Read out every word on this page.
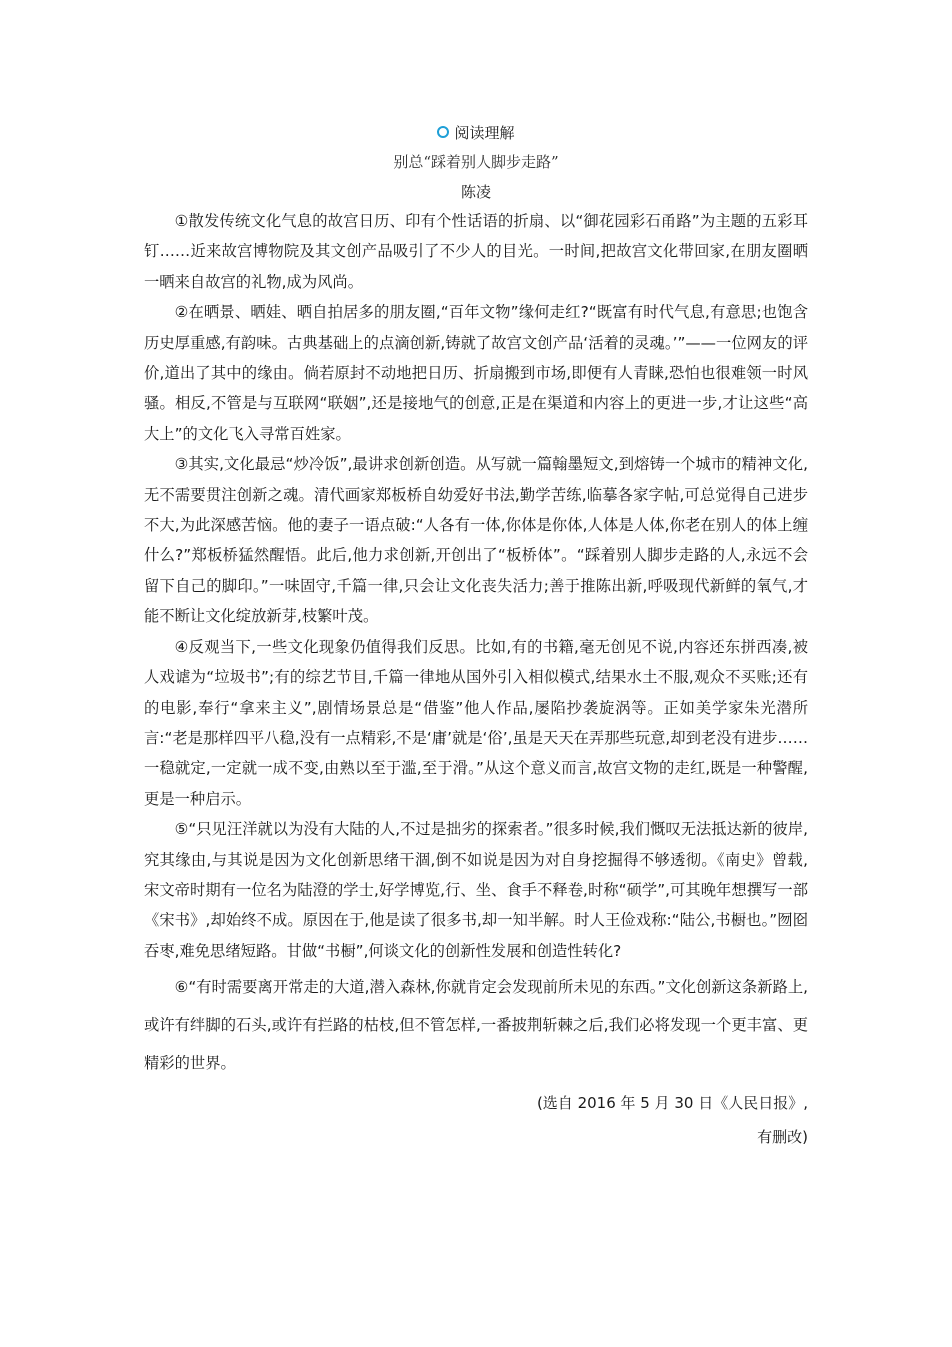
阅读理解
别总“踩着别人脚步走路”
陈凌

①散发传统文化气息的故宫日历、印有个性话语的折扇、以“御花园彩石甬路”为主题的五彩耳钉……近来故宫博物院及其文创产品吸引了不少人的目光。一时间,把故宫文化带回家,在朋友圈晒一晒来自故宫的礼物,成为风尚。

②在晒景、晒娃、晒自拍居多的朋友圈,“百年文物”缘何走红?“既富有时代气息,有意思;也饱含历史厚重感,有韵味。古典基础上的点滴创新,铸就了故宫文创产品‘活着的灵魂。’”——一位网友的评价,道出了其中的缘由。倘若原封不动地把日历、折扇搬到市场,即便有人青睐,恐怕也很难领一时风骚。相反,不管是与互联网“联姻”,还是接地气的创意,正是在渠道和内容上的更进一步,才让这些“高大上”的文化飞入寻常百姓家。

③其实,文化最忌“炒冷饭”,最讲求创新创造。从写就一篇翰墨短文,到熔铸一个城市的精神文化,无不需要贯注创新之魂。清代画家郑板桥自幼爱好书法,勤学苦练,临摹各家字帖,可总觉得自己进步不大,为此深感苦恼。他的妻子一语点破:“人各有一体,你体是你体,人体是人体,你老在别人的体上缠什么?”郑板桥猛然醒悟。此后,他力求创新,开创出了“板桥体”。“踩着别人脚步走路的人,永远不会留下自己的脚印。”一味固守,千篇一律,只会让文化丧失活力;善于推陈出新,呼吸现代新鲜的氧气,才能不断让文化绽放新芽,枝繁叶茂。

④反观当下,一些文化现象仍值得我们反思。比如,有的书籍,毫无创见不说,内容还东拼西凑,被人戏谑为“垃圾书”;有的综艺节目,千篇一律地从国外引入相似模式,结果水土不服,观众不买账;还有的电影,奉行“拿来主义”,剧情场景总是“借鉴”他人作品,屡陷抄袭旋涡等。正如美学家朱光潜所言:“老是那样四平八稳,没有一点精彩,不是‘庸’就是‘俗’,虽是天天在弄那些玩意,却到老没有进步……一稳就定,一定就一成不变,由熟以至于滥,至于滑。”从这个意义而言,故宫文物的走红,既是一种警醒,更是一种启示。

⑤“只见汪洋就以为没有大陆的人,不过是拙劣的探索者。”很多时候,我们慨叹无法抵达新的彼岸,究其缘由,与其说是因为文化创新思绪干涸,倒不如说是因为对自身挖掘得不够透彻。《南史》曾载,宋文帝时期有一位名为陆澄的学士,好学博览,行、坐、食手不释卷,时称“硕学”,可其晚年想撰写一部《宋书》,却始终不成。原因在于,他是读了很多书,却一知半解。时人王俭戏称:“陆公,书橱也。”囫囵吞枣,难免思绪短路。甘做“书橱”,何谈文化的创新性发展和创造性转化?

⑥“有时需要离开常走的大道,潜入森林,你就肯定会发现前所未见的东西。”文化创新这条新路上,或许有绊脚的石头,或许有拦路的枯枝,但不管怎样,一番披荆斩棘之后,我们必将发现一个更丰富、更精彩的世界。

(选自 2016 年 5 月 30 日《人民日报》,
有删改)
